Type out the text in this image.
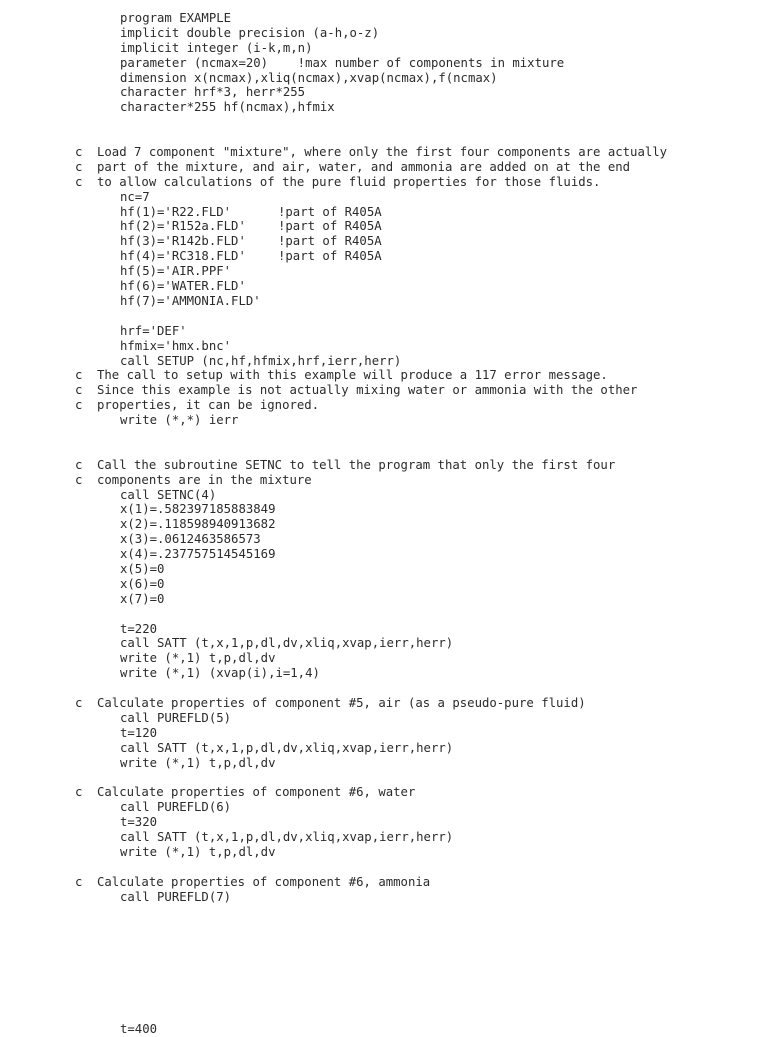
program EXAMPLE
implicit double precision (a-h,o-z)
implicit integer (i-k,m,n)
parameter (ncmax=20)    !max number of components in mixture
dimension x(ncmax),xliq(ncmax),xvap(ncmax),f(ncmax)
character hrf*3, herr*255
character*255 hf(ncmax),hfmix
c Load 7 component "mixture", where only the first four components are actually
c part of the mixture, and air, water, and ammonia are added on at the end
c to allow calculations of the pure fluid properties for those fluids.
nc=7
hf(1)='R22.FLD'	!part of R405A
hf(2)='R152a.FLD'	!part of R405A
hf(3)='R142b.FLD'	!part of R405A
hf(4)='RC318.FLD'	!part of R405A
hf(5)='AIR.PPF'
hf(6)='WATER.FLD'
hf(7)='AMMONIA.FLD'
hrf='DEF'
hfmix='hmx.bnc'
call SETUP (nc,hf,hfmix,hrf,ierr,herr)
c The call to setup with this example will produce a 117 error message.
c Since this example is not actually mixing water or ammonia with the other
c properties, it can be ignored.
write (*,*) ierr
c Call the subroutine SETNC to tell the program that only the first four
c components are in the mixture
call SETNC(4)
x(1)=.582397185883849
x(2)=.118598940913682
x(3)=.0612463586573
x(4)=.237757514545169
x(5)=0
x(6)=0
x(7)=0
t=220
call SATT (t,x,1,p,dl,dv,xliq,xvap,ierr,herr)
write (*,1) t,p,dl,dv
write (*,1) (xvap(i),i=1,4)
c Calculate properties of component #5, air (as a pseudo-pure fluid)
call PUREFLD(5)
t=120
call SATT (t,x,1,p,dl,dv,xliq,xvap,ierr,herr)
write (*,1) t,p,dl,dv
c Calculate properties of component #6, water
call PUREFLD(6)
t=320
call SATT (t,x,1,p,dl,dv,xliq,xvap,ierr,herr)
write (*,1) t,p,dl,dv
c Calculate properties of component #6, ammonia
call PUREFLD(7)
t=400
